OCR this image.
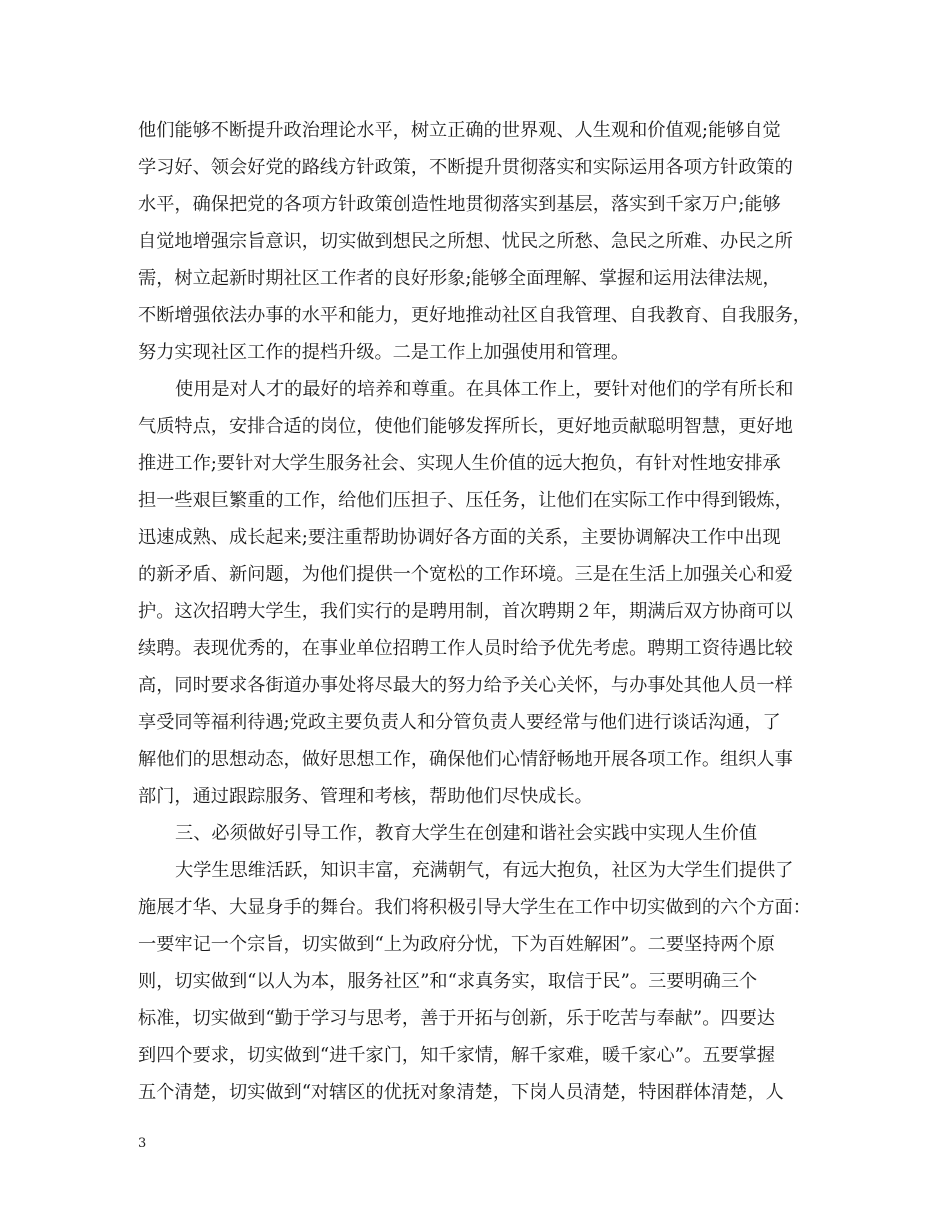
他们能够不断提升政治理论水平，树立正确的世界观、人生观和价值观;能够自觉
学习好、领会好党的路线方针政策，不断提升贯彻落实和实际运用各项方针政策的
水平，确保把党的各项方针政策创造性地贯彻落实到基层，落实到千家万户;能够
自觉地增强宗旨意识，切实做到想民之所想、忧民之所愁、急民之所难、办民之所
需，树立起新时期社区工作者的良好形象;能够全面理解、掌握和运用法律法规，
不断增强依法办事的水平和能力，更好地推动社区自我管理、自我教育、自我服务，
努力实现社区工作的提档升级。二是工作上加强使用和管理。
使用是对人才的最好的培养和尊重。在具体工作上，要针对他们的学有所长和
气质特点，安排合适的岗位，使他们能够发挥所长，更好地贡献聪明智慧，更好地
推进工作;要针对大学生服务社会、实现人生价值的远大抱负，有针对性地安排承
担一些艰巨繁重的工作，给他们压担子、压任务，让他们在实际工作中得到锻炼，
迅速成熟、成长起来;要注重帮助协调好各方面的关系，主要协调解决工作中出现
的新矛盾、新问题，为他们提供一个宽松的工作环境。三是在生活上加强关心和爱
护。这次招聘大学生，我们实行的是聘用制，首次聘期２年，期满后双方协商可以
续聘。表现优秀的，在事业单位招聘工作人员时给予优先考虑。聘期工资待遇比较
高，同时要求各街道办事处将尽最大的努力给予关心关怀，与办事处其他人员一样
享受同等福利待遇;党政主要负责人和分管负责人要经常与他们进行谈话沟通，了
解他们的思想动态，做好思想工作，确保他们心情舒畅地开展各项工作。组织人事
部门，通过跟踪服务、管理和考核，帮助他们尽快成长。
三、必须做好引导工作，教育大学生在创建和谐社会实践中实现人生价值
大学生思维活跃，知识丰富，充满朝气，有远大抱负，社区为大学生们提供了
施展才华、大显身手的舞台。我们将积极引导大学生在工作中切实做到的六个方面：
一要牢记一个宗旨，切实做到“上为政府分忧，下为百姓解困”。二要坚持两个原
则，切实做到“以人为本，服务社区”和“求真务实，取信于民”。三要明确三个
标准，切实做到“勤于学习与思考，善于开拓与创新，乐于吃苦与奉献”。四要达
到四个要求，切实做到“进千家门，知千家情，解千家难，暖千家心”。五要掌握
五个清楚，切实做到“对辖区的优抚对象清楚，下岗人员清楚，特困群体清楚，人
3
